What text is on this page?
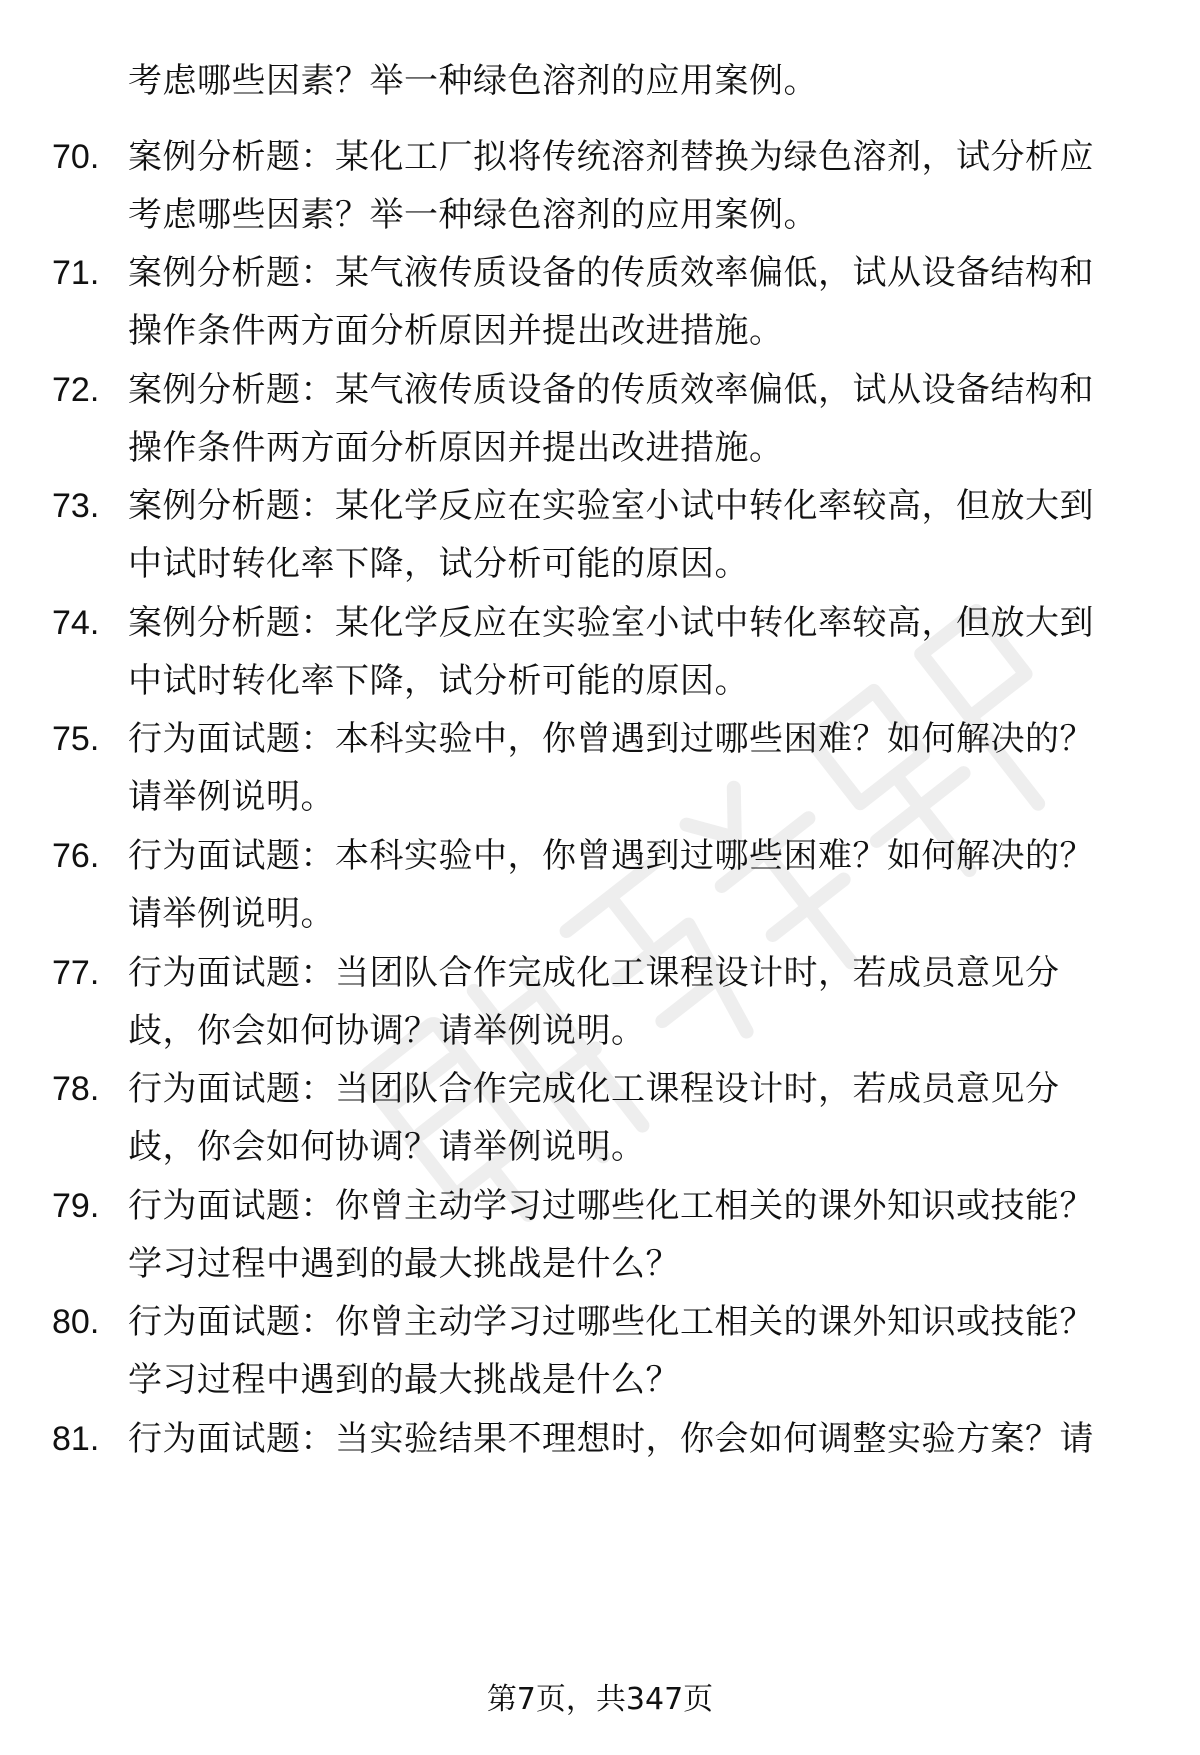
考虑哪些因素？举一种绿色溶剂的应用案例。
70. 案例分析题：某化工厂拟将传统溶剂替换为绿色溶剂，试分析应
考虑哪些因素？举一种绿色溶剂的应用案例。
71. 案例分析题：某气液传质设备的传质效率偏低，试从设备结构和
操作条件两方面分析原因并提出改进措施。
72. 案例分析题：某气液传质设备的传质效率偏低，试从设备结构和
操作条件两方面分析原因并提出改进措施。
73. 案例分析题：某化学反应在实验室小试中转化率较高，但放大到
中试时转化率下降，试分析可能的原因。
74. 案例分析题：某化学反应在实验室小试中转化率较高，但放大到
中试时转化率下降，试分析可能的原因。
75. 行为面试题：本科实验中，你曾遇到过哪些困难？如何解决的？
请举例说明。
76. 行为面试题：本科实验中，你曾遇到过哪些困难？如何解决的？
请举例说明。
77. 行为面试题：当团队合作完成化工课程设计时，若成员意见分
歧，你会如何协调？请举例说明。
78. 行为面试题：当团队合作完成化工课程设计时，若成员意见分
歧，你会如何协调？请举例说明。
79. 行为面试题：你曾主动学习过哪些化工相关的课外知识或技能？
学习过程中遇到的最大挑战是什么？
80. 行为面试题：你曾主动学习过哪些化工相关的课外知识或技能？
学习过程中遇到的最大挑战是什么？
81. 行为面试题：当实验结果不理想时，你会如何调整实验方案？请
第7页，共347页
